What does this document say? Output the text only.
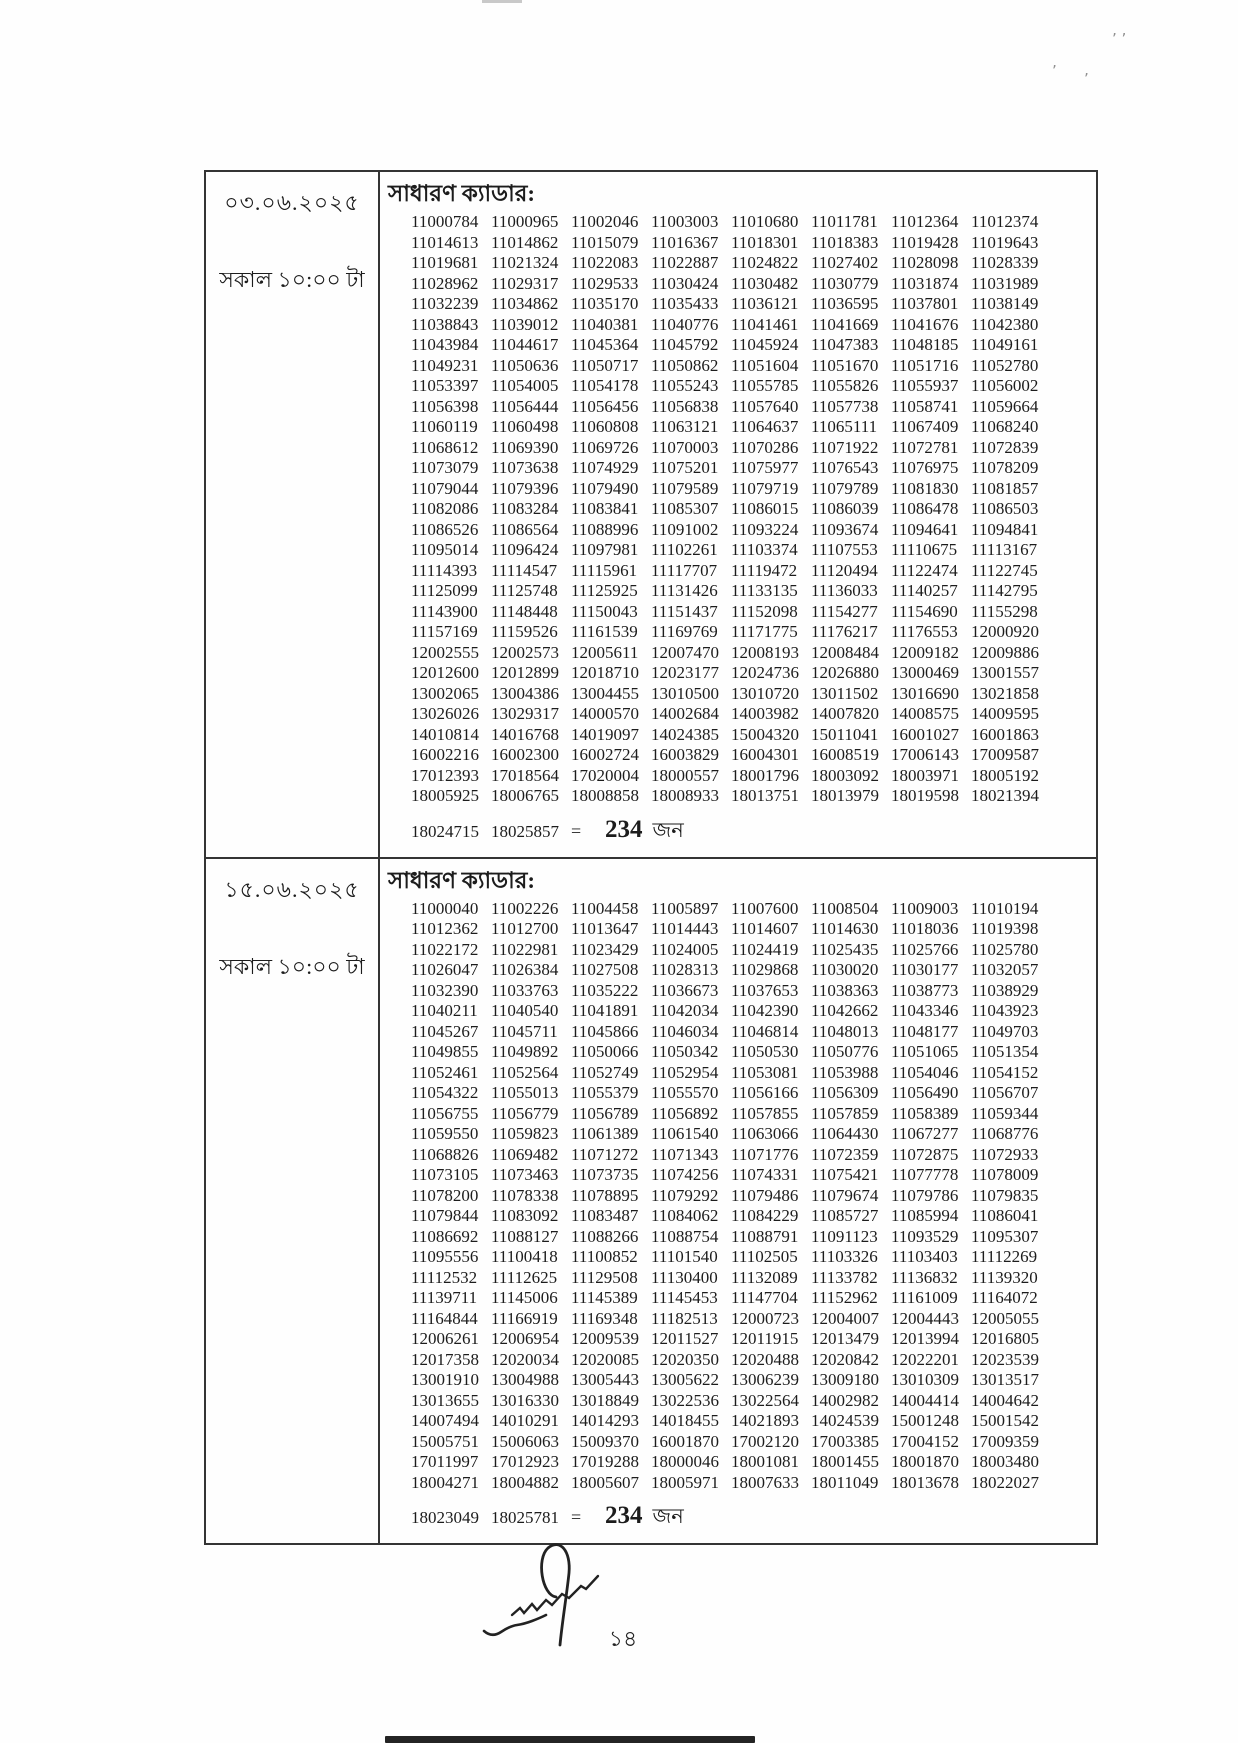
’ ’
’ ’
০৩.০৬.২০২৫
সকাল ১০:০০ টা
সাধারণ ক্যাডার:
11000784 11000965 11002046 11003003 11010680 11011781 11012364 11012374
11014613 11014862 11015079 11016367 11018301 11018383 11019428 11019643
11019681 11021324 11022083 11022887 11024822 11027402 11028098 11028339
11028962 11029317 11029533 11030424 11030482 11030779 11031874 11031989
11032239 11034862 11035170 11035433 11036121 11036595 11037801 11038149
11038843 11039012 11040381 11040776 11041461 11041669 11041676 11042380
11043984 11044617 11045364 11045792 11045924 11047383 11048185 11049161
11049231 11050636 11050717 11050862 11051604 11051670 11051716 11052780
11053397 11054005 11054178 11055243 11055785 11055826 11055937 11056002
11056398 11056444 11056456 11056838 11057640 11057738 11058741 11059664
11060119 11060498 11060808 11063121 11064637 11065111 11067409 11068240
11068612 11069390 11069726 11070003 11070286 11071922 11072781 11072839
11073079 11073638 11074929 11075201 11075977 11076543 11076975 11078209
11079044 11079396 11079490 11079589 11079719 11079789 11081830 11081857
11082086 11083284 11083841 11085307 11086015 11086039 11086478 11086503
11086526 11086564 11088996 11091002 11093224 11093674 11094641 11094841
11095014 11096424 11097981 11102261 11103374 11107553 11110675 11113167
11114393 11114547 11115961 11117707 11119472 11120494 11122474 11122745
11125099 11125748 11125925 11131426 11133135 11136033 11140257 11142795
11143900 11148448 11150043 11151437 11152098 11154277 11154690 11155298
11157169 11159526 11161539 11169769 11171775 11176217 11176553 12000920
12002555 12002573 12005611 12007470 12008193 12008484 12009182 12009886
12012600 12012899 12018710 12023177 12024736 12026880 13000469 13001557
13002065 13004386 13004455 13010500 13010720 13011502 13016690 13021858
13026026 13029317 14000570 14002684 14003982 14007820 14008575 14009595
14010814 14016768 14019097 14024385 15004320 15011041 16001027 16001863
16002216 16002300 16002724 16003829 16004301 16008519 17006143 17009587
17012393 17018564 17020004 18000557 18001796 18003092 18003971 18005192
18005925 18006765 18008858 18008933 18013751 18013979 18019598 18021394
18024715 18025857 = 234 জন
১৫.০৬.২০২৫
সকাল ১০:০০ টা
সাধারণ ক্যাডার:
11000040 11002226 11004458 11005897 11007600 11008504 11009003 11010194
11012362 11012700 11013647 11014443 11014607 11014630 11018036 11019398
11022172 11022981 11023429 11024005 11024419 11025435 11025766 11025780
11026047 11026384 11027508 11028313 11029868 11030020 11030177 11032057
11032390 11033763 11035222 11036673 11037653 11038363 11038773 11038929
11040211 11040540 11041891 11042034 11042390 11042662 11043346 11043923
11045267 11045711 11045866 11046034 11046814 11048013 11048177 11049703
11049855 11049892 11050066 11050342 11050530 11050776 11051065 11051354
11052461 11052564 11052749 11052954 11053081 11053988 11054046 11054152
11054322 11055013 11055379 11055570 11056166 11056309 11056490 11056707
11056755 11056779 11056789 11056892 11057855 11057859 11058389 11059344
11059550 11059823 11061389 11061540 11063066 11064430 11067277 11068776
11068826 11069482 11071272 11071343 11071776 11072359 11072875 11072933
11073105 11073463 11073735 11074256 11074331 11075421 11077778 11078009
11078200 11078338 11078895 11079292 11079486 11079674 11079786 11079835
11079844 11083092 11083487 11084062 11084229 11085727 11085994 11086041
11086692 11088127 11088266 11088754 11088791 11091123 11093529 11095307
11095556 11100418 11100852 11101540 11102505 11103326 11103403 11112269
11112532 11112625 11129508 11130400 11132089 11133782 11136832 11139320
11139711 11145006 11145389 11145453 11147704 11152962 11161009 11164072
11164844 11166919 11169348 11182513 12000723 12004007 12004443 12005055
12006261 12006954 12009539 12011527 12011915 12013479 12013994 12016805
12017358 12020034 12020085 12020350 12020488 12020842 12022201 12023539
13001910 13004988 13005443 13005622 13006239 13009180 13010309 13013517
13013655 13016330 13018849 13022536 13022564 14002982 14004414 14004642
14007494 14010291 14014293 14018455 14021893 14024539 15001248 15001542
15005751 15006063 15009370 16001870 17002120 17003385 17004152 17009359
17011997 17012923 17019288 18000046 18001081 18001455 18001870 18003480
18004271 18004882 18005607 18005971 18007633 18011049 18013678 18022027
18023049 18025781 = 234 জন
১৪
